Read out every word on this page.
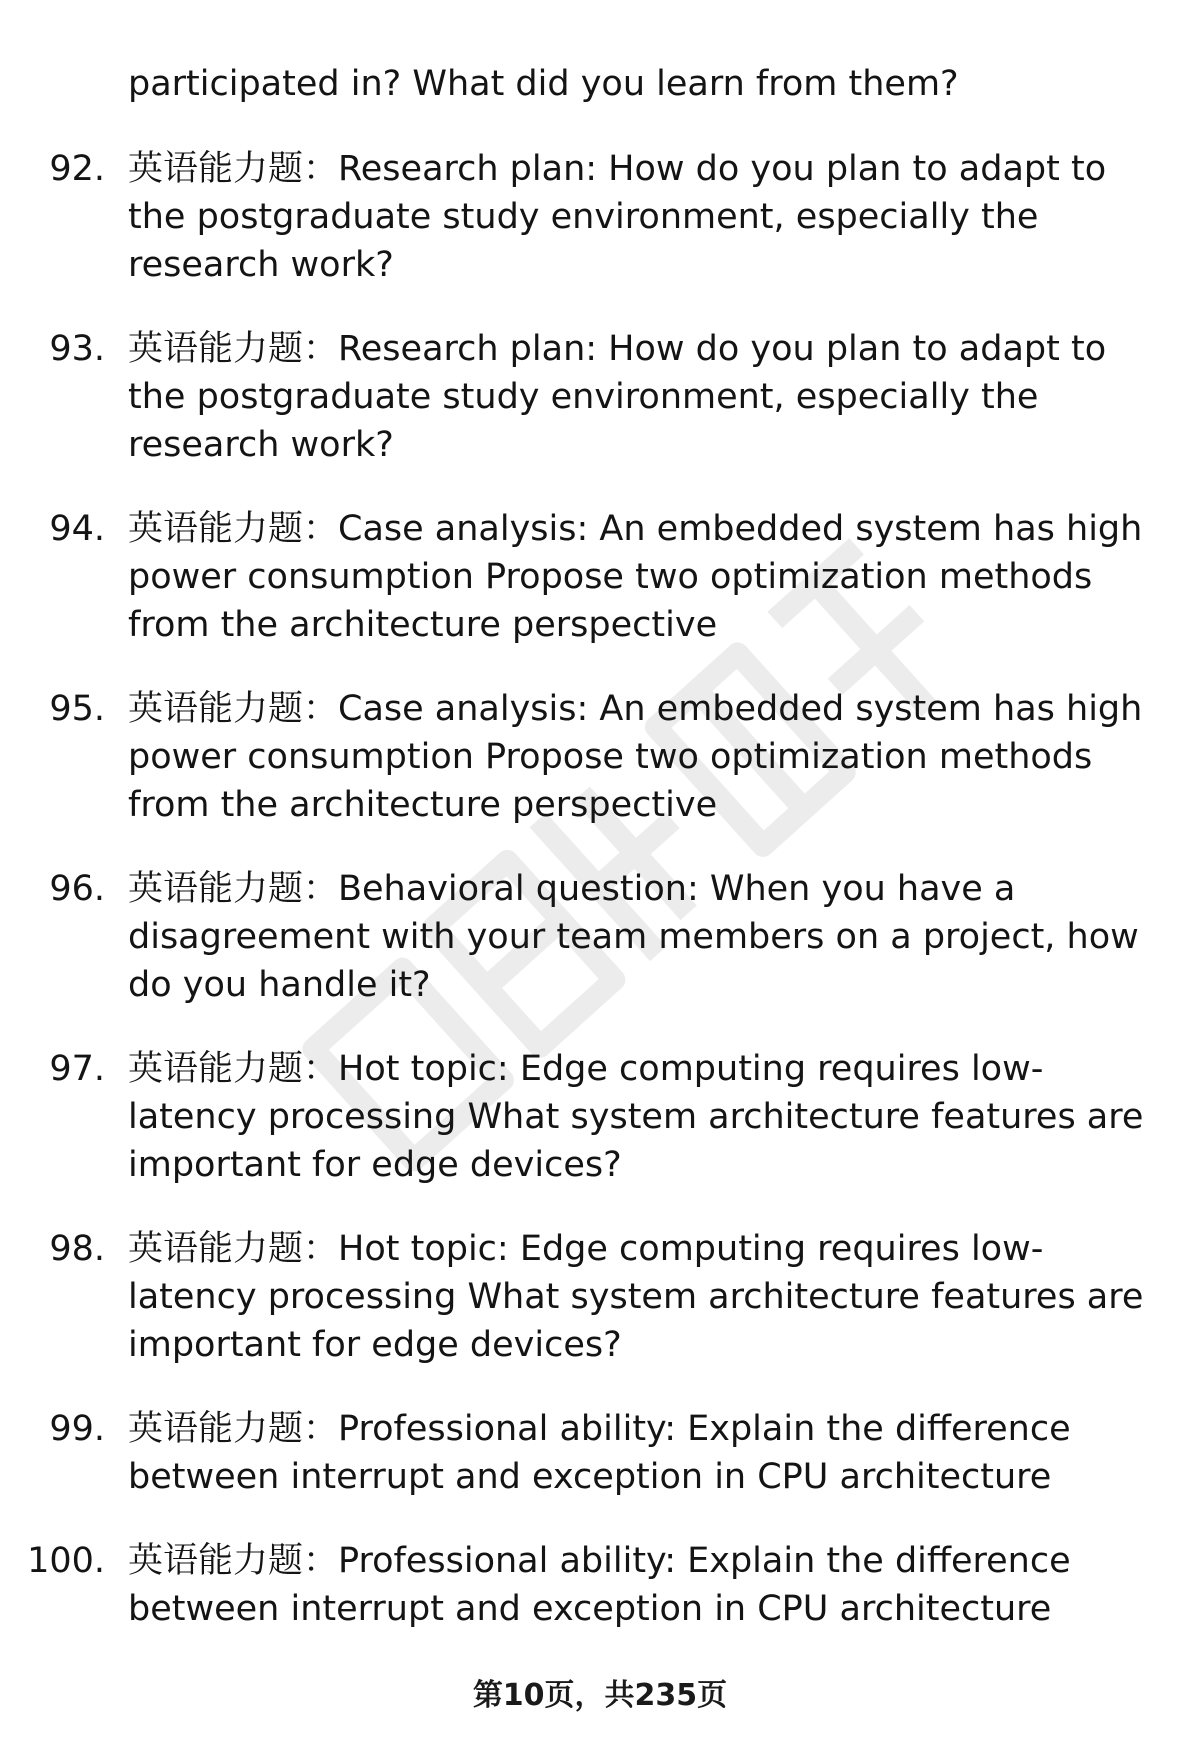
participated in? What did you learn from them?

92. 英语能力题：Research plan: How do you plan to adapt to the postgraduate study environment, especially the research work?

93. 英语能力题：Research plan: How do you plan to adapt to the postgraduate study environment, especially the research work?

94. 英语能力题：Case analysis: An embedded system has high power consumption Propose two optimization methods from the architecture perspective

95. 英语能力题：Case analysis: An embedded system has high power consumption Propose two optimization methods from the architecture perspective

96. 英语能力题：Behavioral question: When you have a disagreement with your team members on a project, how do you handle it?

97. 英语能力题：Hot topic: Edge computing requires low-latency processing What system architecture features are important for edge devices?

98. 英语能力题：Hot topic: Edge computing requires low-latency processing What system architecture features are important for edge devices?

99. 英语能力题：Professional ability: Explain the difference between interrupt and exception in CPU architecture

100. 英语能力题：Professional ability: Explain the difference between interrupt and exception in CPU architecture

第10页，共235页
